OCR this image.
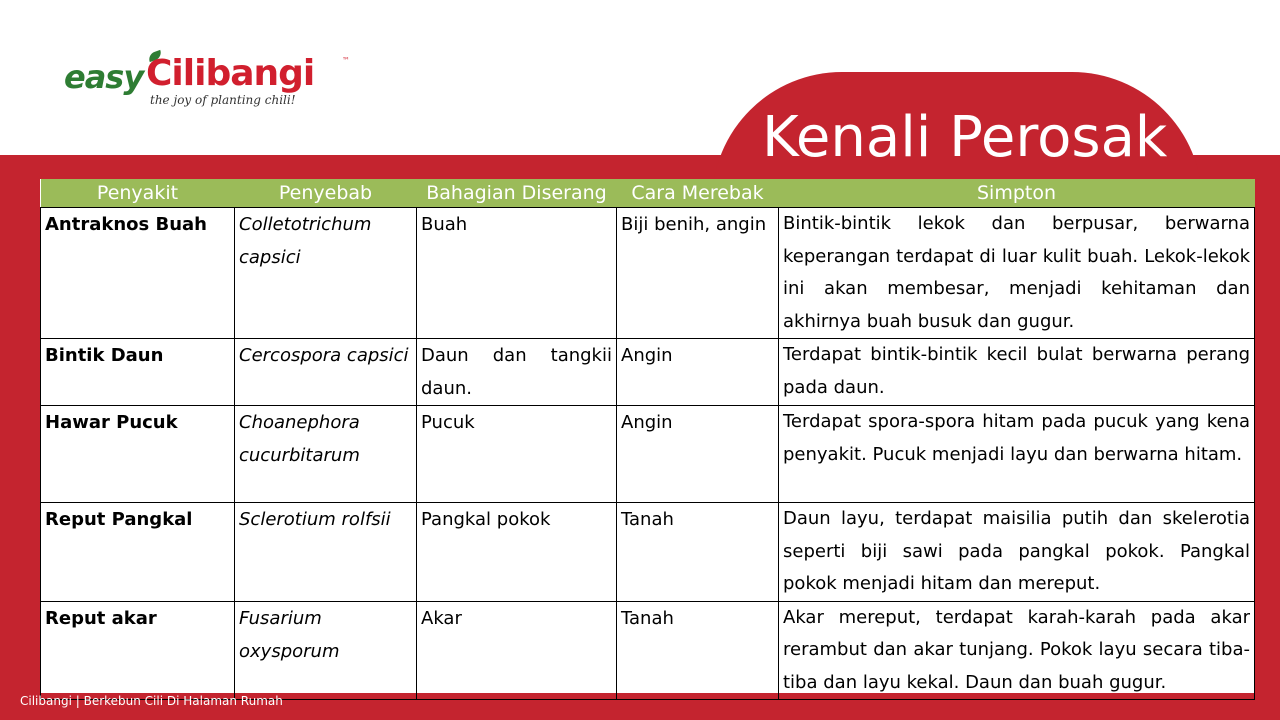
Kenali Perosak
easy Cilibangi	™
the joy of planting chili!
Penyakit	Penyebab	Bahagian Diserang	Cara Merebak	Simpton
Antraknos Buah	Colletotrichum capsici	Buah	Biji benih, angin	Bintik-bintik lekok dan berpusar, berwarna keperangan terdapat di luar kulit buah. Lekok-lekok ini akan membesar, menjadi kehitaman dan akhirnya buah busuk dan gugur.
Bintik Daun	Cercospora capsici	Daun dan tangkii daun.	Angin	Terdapat bintik-bintik kecil bulat berwarna perang pada daun.
Hawar Pucuk	Choanephora cucurbitarum	Pucuk	Angin	Terdapat spora-spora hitam pada pucuk yang kena penyakit. Pucuk menjadi layu dan berwarna hitam.
Reput Pangkal	Sclerotium rolfsii	Pangkal pokok	Tanah	Daun layu, terdapat maisilia putih dan skelerotia seperti biji sawi pada pangkal pokok. Pangkal pokok menjadi hitam dan mereput.
Reput akar	Fusarium oxysporum	Akar	Tanah	Akar mereput, terdapat karah-karah pada akar rerambut dan akar tunjang. Pokok layu secara tiba-tiba dan layu kekal. Daun dan buah gugur.
Cilibangi | Berkebun Cili Di Halaman Rumah
